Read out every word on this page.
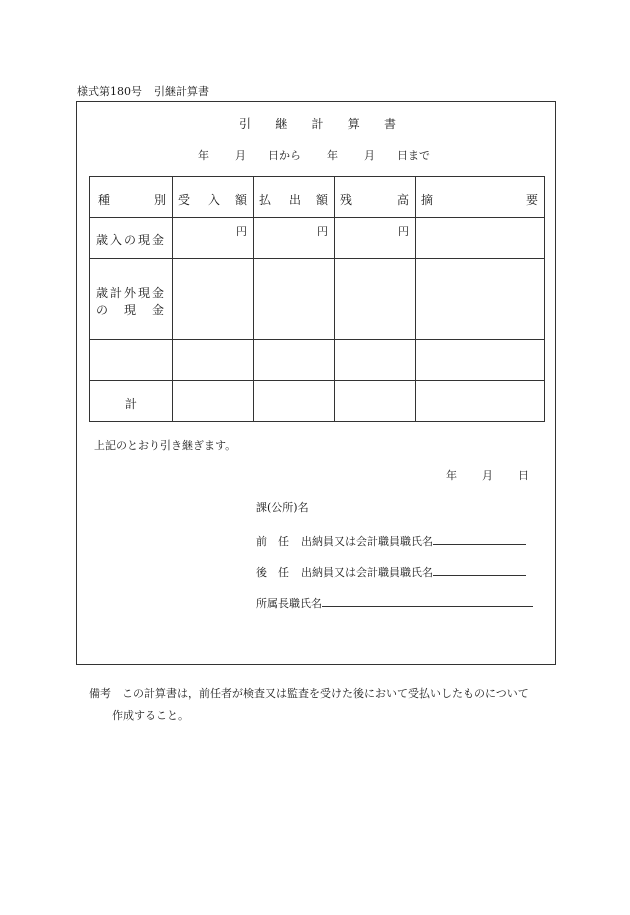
様式第180号 引継計算書
引 継 計 算 書
年 月 日から 年 月 日まで
種 別	受 入 額	払 出 額	残 高	摘 要

歳入の現金	円	円	円	

歳計外現金
の 現 金				

計				

上記のとおり引き継ぎます。
年 月 日
課(公所)名
前　任 出納員又は会計職員職氏名
後　任 出納員又は会計職員職氏名
所属長職氏名
備考 この計算書は，前任者が検査又は監査を受けた後において受払いしたものについて
作成すること。
